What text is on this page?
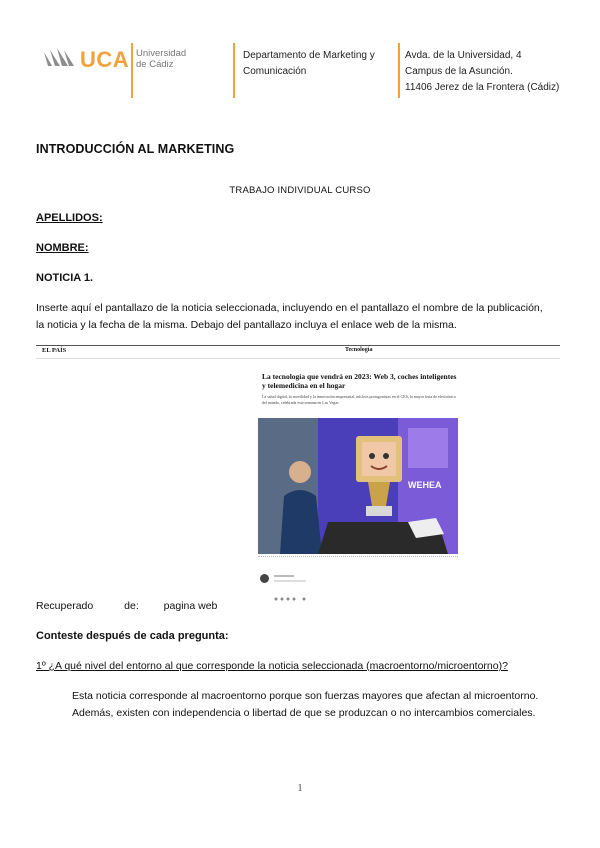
UCA Universidad
de Cádiz
Departamento de Marketing y
Comunicación
Avda. de la Universidad, 4
Campus de la Asunción.
11406 Jerez de la Frontera (Cádiz)
INTRODUCCIÓN AL MARKETING
TRABAJO INDIVIDUAL CURSO
APELLIDOS:
NOMBRE:
NOTICIA 1.
Inserte aquí el pantallazo de la noticia seleccionada, incluyendo en el pantallazo el nombre de la publicación,
la noticia y la fecha de la misma. Debajo del pantallazo incluya el enlace web de la misma.
EL PAÍS	Tecnología
La tecnología que vendrá en 2023: Web 3, coches inteligentes y telemedicina en el hogar
La salud digital, la movilidad y la innovación empresarial, núcleos protagonistas en el CES, la mayor feria de electrónica del mundo, celebrada esta semana en Las Vegas
WEHEA
Recuperado	de: pagina web
Conteste después de cada pregunta:
1º ¿A qué nivel del entorno al que corresponde la noticia seleccionada (macroentorno/microentorno)?
Esta noticia corresponde al macroentorno porque son fuerzas mayores que afectan al microentorno.
Además, existen con independencia o libertad de que se produzcan o no intercambios comerciales.
1
